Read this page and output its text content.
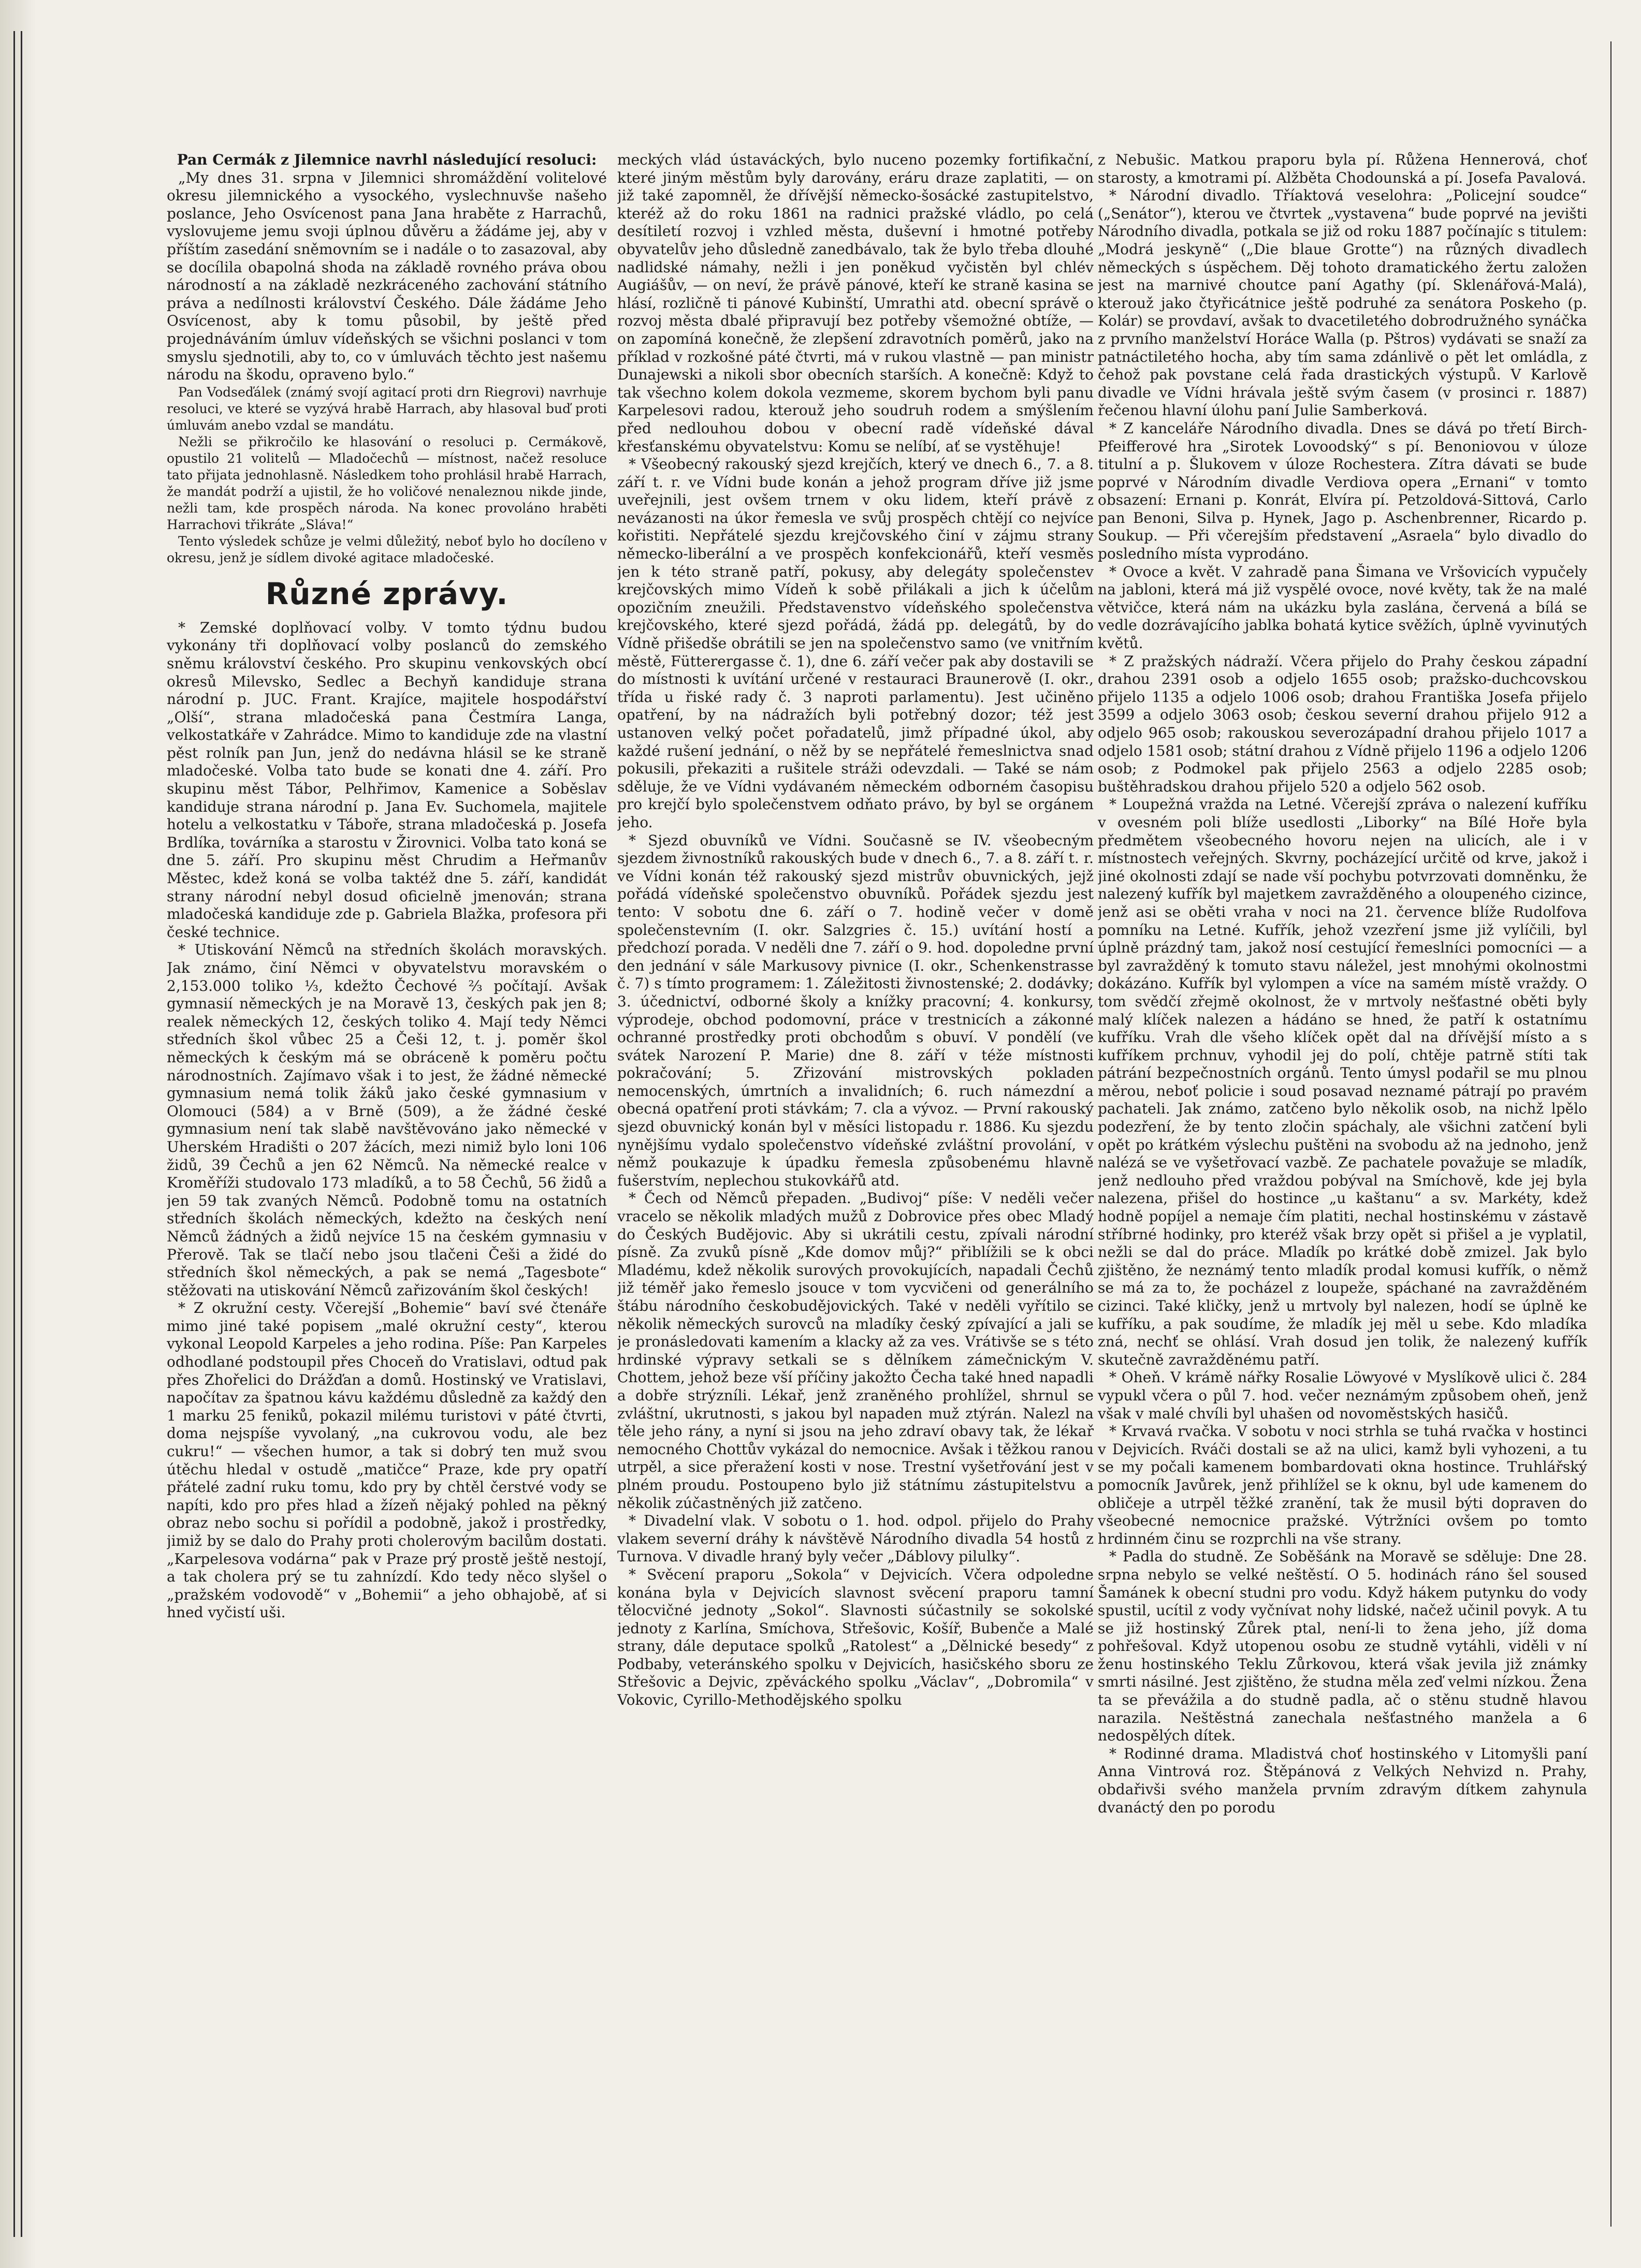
Pan Cermák z Jilemnice navrhl následující resoluci:

„My dnes 31. srpna v Jilemnici shromáždění volitelové okresu jilemnického a vysockého, vyslechnuvše našeho poslance, Jeho Osvícenost pana Jana hraběte z Harrachů, vyslovujeme jemu svoji úplnou důvěru a žádáme jej, aby v příštím zasedání sněmovním se i nadále o to zasazoval, aby se docílila obapolná shoda na základě rovného práva obou národností a na základě nezkráceného zachování státního práva a nedílnosti království Českého. Dále žádáme Jeho Osvícenost, aby k tomu působil, by ještě před projednáváním úmluv vídeňských se všichni poslanci v tom smyslu sjednotili, aby to, co v úmluvách těchto jest našemu národu na škodu, opraveno bylo.“

Pan Vodseďálek (známý svojí agitací proti drn Riegrovi) navrhuje resoluci, ve které se vyzývá hrabě Harrach, aby hlasoval buď proti úmluvám anebo vzdal se mandátu.

Nežli se přikročilo ke hlasování o resoluci p. Cermákově, opustilo 21 volitelů — Mladočechů — místnost, načež resoluce tato přijata jednohlasně. Následkem toho prohlásil hrabě Harrach, že mandát podrží a ujistil, že ho voličové nenaleznou nikde jinde, nežli tam, kde prospěch národa. Na konec provoláno hraběti Harrachovi třikráte „Sláva!“

Tento výsledek schůze je velmi důležitý, neboť bylo ho docíleno v okresu, jenž je sídlem divoké agitace mladočeské.

Různé zprávy.

* Zemské doplňovací volby. V tomto týdnu budou vykonány tři doplňovací volby poslanců do zemského sněmu království českého. Pro skupinu venkovských obcí okresů Milevsko, Sedlec a Bechyň kandiduje strana národní p. JUC. Frant. Krajíce, majitele hospodářství „Olší“, strana mladočeská pana Čestmíra Langa, velkostatkáře v Zahrádce. Mimo to kandiduje zde na vlastní pěst rolník pan Jun, jenž do nedávna hlásil se ke straně mladočeské. Volba tato bude se konati dne 4. září. Pro skupinu měst Tábor, Pelhřimov, Kamenice a Soběslav kandiduje strana národní p. Jana Ev. Suchomela, majitele hotelu a velkostatku v Táboře, strana mladočeská p. Josefa Brdlíka, továrníka a starostu v Žirovnici. Volba tato koná se dne 5. září. Pro skupinu měst Chrudim a Heřmanův Městec, kdež koná se volba taktéž dne 5. září, kandidát strany národní nebyl dosud oficielně jmenován; strana mladočeská kandiduje zde p. Gabriela Blažka, profesora při české technice.

* Utiskování Němců na středních školách moravských. Jak známo, činí Němci v obyvatelstvu moravském o 2,153.000 toliko ⅓, kdežto Čechové ⅔ počítají. Avšak gymnasií německých je na Moravě 13, českých pak jen 8; realek německých 12, českých toliko 4. Mají tedy Němci středních škol vůbec 25 a Češi 12, t. j. poměr škol německých k českým má se obráceně k poměru počtu národnostních. Zajímavo však i to jest, že žádné německé gymnasium nemá tolik žáků jako české gymnasium v Olomouci (584) a v Brně (509), a že žádné české gymnasium není tak slabě navštěvováno jako německé v Uherském Hradišti o 207 žácích, mezi nimiž bylo loni 106 židů, 39 Čechů a jen 62 Němců. Na německé realce v Kroměříži studovalo 173 mladíků, a to 58 Čechů, 56 židů a jen 59 tak zvaných Němců. Podobně tomu na ostatních středních školách německých, kdežto na českých není Němců žádných a židů nejvíce 15 na českém gymnasiu v Přerově. Tak se tlačí nebo jsou tlačeni Češi a židé do středních škol německých, a pak se nemá „Tagesbote“ stěžovati na utiskování Němců zařizováním škol českých!

* Z okružní cesty. Včerejší „Bohemie“ baví své čtenáře mimo jiné také popisem „malé okružní cesty“, kterou vykonal Leopold Karpeles a jeho rodina. Píše: Pan Karpeles odhodlané podstoupil přes Choceň do Vratislavi, odtud pak přes Zhořelici do Drážďan a domů. Hostinský ve Vratislavi, napočítav za špatnou kávu každému důsledně za každý den 1 marku 25 feniků, pokazil milému turistovi v páté čtvrti, doma nejspíše vyvolaný, „na cukrovou vodu, ale bez cukru!“ — všechen humor, a tak si dobrý ten muž svou útěchu hledal v ostudě „matičce“ Praze, kde pry opatří přátelé zadní ruku tomu, kdo pry by chtěl čerstvé vody se napíti, kdo pro přes hlad a žízeň nějaký pohled na pěkný obraz nebo sochu si pořídil a podobně, jakož i prostředky, jimiž by se dalo do Prahy proti cholerovým bacilům dostati. „Karpelesova vodárna“ pak v Praze prý prostě ještě nestojí, a tak cholera prý se tu zahnízdí. Kdo tedy něco slyšel o „pražském vodovodě“ v „Bohemii“ a jeho obhajobě, ať si hned vyčistí uši.

meckých vlád ústaváckých, bylo nuceno pozemky fortifikační, které jiným městům byly darovány, eráru draze zaplatiti, — on již také zapomněl, že dřívější německo-šosácké zastupitelstvo, kteréž až do roku 1861 na radnici pražské vládlo, po celá desítiletí rozvoj i vzhled města, duševní i hmotné potřeby obyvatelův jeho důsledně zanedbávalo, tak že bylo třeba dlouhé nadlidské námahy, nežli i jen poněkud vyčistěn byl chlév Augiášův, — on neví, že právě pánové, kteří ke straně kasina se hlásí, rozličně ti pánové Kubinští, Umrathi atd. obecní správě o rozvoj města dbalé připravují bez potřeby všemožné obtíže, — on zapomíná konečně, že zlepšení zdravotních poměrů, jako na příklad v rozkošné páté čtvrti, má v rukou vlastně — pan ministr Dunajewski a nikoli sbor obecních starších. A konečně: Když to tak všechno kolem dokola vezmeme, skorem bychom byli panu Karpelesovi radou, kterouž jeho soudruh rodem a smýšlením před nedlouhou dobou v obecní radě vídeňské dával křesťanskému obyvatelstvu: Komu se nelíbí, ať se vystěhuje!

* Všeobecný rakouský sjezd krejčích, který ve dnech 6., 7. a 8. září t. r. ve Vídni bude konán a jehož program dříve již jsme uveřejnili, jest ovšem trnem v oku lidem, kteří právě z nevázanosti na úkor řemesla ve svůj prospěch chtějí co nejvíce kořistiti. Nepřátelé sjezdu krejčovského činí v zájmu strany německo-liberální a ve prospěch konfekcionářů, kteří vesměs jen k této straně patří, pokusy, aby delegáty společenstev krejčovských mimo Vídeň k sobě přilákali a jich k účelům opozičním zneužili. Představenstvo vídeňského společenstva krejčovského, které sjezd pořádá, žádá pp. delegátů, by do Vídně přišedše obrátili se jen na společenstvo samo (ve vnitřním městě, Fütterergasse č. 1), dne 6. září večer pak aby dostavili se do místnosti k uvítání určené v restauraci Braunerově (I. okr., třída u řiské rady č. 3 naproti parlamentu). Jest učiněno opatření, by na nádražích byli potřebný dozor; též jest ustanoven velký počet pořadatelů, jimž případné úkol, aby každé rušení jednání, o něž by se nepřátelé řemeslnictva snad pokusili, překaziti a rušitele stráži odevzdali. — Také se nám sděluje, že ve Vídni vydávaném německém odborném časopisu pro krejčí bylo společenstvem odňato právo, by byl se orgánem jeho.

* Sjezd obuvníků ve Vídni. Současně se IV. všeobecným sjezdem živnostníků rakouských bude v dnech 6., 7. a 8. září t. r. ve Vídni konán též rakouský sjezd mistrův obuvnických, jejž pořádá vídeňské společenstvo obuvníků. Pořádek sjezdu jest tento: V sobotu dne 6. září o 7. hodině večer v domě společenstevním (I. okr. Salzgries č. 15.) uvítání hostí a předchozí porada. V neděli dne 7. září o 9. hod. dopoledne první den jednání v sále Markusovy pivnice (I. okr., Schenkenstrasse č. 7) s tímto programem: 1. Záležitosti živnostenské; 2. dodávky; 3. účednictví, odborné školy a knížky pracovní; 4. konkursy, výprodeje, obchod podomovní, práce v trestnicích a zákonné ochranné prostředky proti obchodům s obuví. V pondělí (ve svátek Narození P. Marie) dne 8. září v téže místnosti pokračování; 5. Zřizování mistrovských pokladen nemocenských, úmrtních a invalidních; 6. ruch námezdní a obecná opatření proti stávkám; 7. cla a vývoz. — První rakouský sjezd obuvnický konán byl v měsíci listopadu r. 1886. Ku sjezdu nynějšímu vydalo společenstvo vídeňské zvláštní provolání, v němž poukazuje k úpadku řemesla způsobenému hlavně fušerstvím, neplechou stukovkářů atd.

* Čech od Němců přepaden. „Budivoj“ píše: V neděli večer vracelo se několik mladých mužů z Dobrovice přes obec Mladý do Českých Budějovic. Aby si ukrátili cestu, zpívali národní písně. Za zvuků písně „Kde domov můj?“ přiblížili se k obci Mladému, kdež několik surových provokujících, napadali Čechů již téměř jako řemeslo jsouce v tom vycvičeni od generálního štábu národního českobudějovických. Také v neděli vyřítilo se několik německých surovců na mladíky český zpívající a jali se je pronásledovati kamením a klacky až za ves. Vrátivše se s této hrdinské výpravy setkali se s dělníkem zámečnickým V. Chottem, jehož beze vší příčiny jakožto Čecha také hned napadli a dobře strýzníli. Lékař, jenž zraněného prohlížel, shrnul se zvláštní, ukrutnosti, s jakou byl napaden muž ztýrán. Nalezl na těle jeho rány, a nyní si jsou na jeho zdraví obavy tak, že lékař nemocného Chottův vykázal do nemocnice. Avšak i těžkou ranou utrpěl, a sice přeražení kosti v nose. Trestní vyšetřování jest v plném proudu. Postoupeno bylo již státnímu zástupitelstvu a několik zúčastněných již zatčeno.

* Divadelní vlak. V sobotu o 1. hod. odpol. přijelo do Prahy vlakem severní dráhy k návštěvě Národního divadla 54 hostů z Turnova. V divadle hraný byly večer „Dáblovy pilulky“.

* Svěcení praporu „Sokola“ v Dejvicích. Včera odpoledne konána byla v Dejvicích slavnost svěcení praporu tamní tělocvičné jednoty „Sokol“. Slavnosti súčastnily se sokolské jednoty z Karlína, Smíchova, Střešovic, Košíř, Bubenče a Malé strany, dále deputace spolků „Ratolest“ a „Dělnické besedy“ z Podbaby, veteránského spolku v Dejvicích, hasičského sboru ze Střešovic a Dejvic, zpěváckého spolku „Václav“, „Dobromila“ v Vokovic, Cyrillo-Methodějského spolku

z Nebušic. Matkou praporu byla pí. Růžena Hennerová, choť starosty, a kmotrami pí. Alžběta Chodounská a pí. Josefa Pavalová.

* Národní divadlo. Tříaktová veselohra: „Policejní soudce“ („Senátor“), kterou ve čtvrtek „vystavena“ bude poprvé na jevišti Národního divadla, potkala se již od roku 1887 počínajíc s titulem: „Modrá jeskyně“ („Die blaue Grotte“) na různých divadlech německých s úspěchem. Děj tohoto dramatického žertu založen jest na marnivé choutce paní Agathy (pí. Sklenářová-Malá), kterouž jako čtyřicátnice ještě podruhé za senátora Poskeho (p. Kolár) se provdaví, avšak to dvacetiletého dobrodružného synáčka z prvního manželství Horáce Walla (p. Pštros) vydávati se snaží za patnáctiletého hocha, aby tím sama zdánlivě o pět let omládla, z čehož pak povstane celá řada drastických výstupů. V Karlově divadle ve Vídni hrávala ještě svým časem (v prosinci r. 1887) řečenou hlavní úlohu paní Julie Samberková.

* Z kanceláře Národního divadla. Dnes se dává po třetí Birch-Pfeifferové hra „Sirotek Lovoodský“ s pí. Benoniovou v úloze titulní a p. Šlukovem v úloze Rochestera. Zítra dávati se bude poprvé v Národním divadle Verdiova opera „Ernani“ v tomto obsazení: Ernani p. Konrát, Elvíra pí. Petzoldová-Sittová, Carlo pan Benoni, Silva p. Hynek, Jago p. Aschenbrenner, Ricardo p. Soukup. — Při včerejším představení „Asraela“ bylo divadlo do posledního místa vyprodáno.

* Ovoce a květ. V zahradě pana Šimana ve Vršovicích vypučely na jabloni, která má již vyspělé ovoce, nové květy, tak že na malé větvičce, která nám na ukázku byla zaslána, červená a bílá se vedle dozrávajícího jablka bohatá kytice svěžích, úplně vyvinutých květů.

* Z pražských nádraží. Včera přijelo do Prahy českou západní drahou 2391 osob a odjelo 1655 osob; pražsko-duchcovskou přijelo 1135 a odjelo 1006 osob; drahou Františka Josefa přijelo 3599 a odjelo 3063 osob; českou severní drahou přijelo 912 a odjelo 965 osob; rakouskou severozápadní drahou přijelo 1017 a odjelo 1581 osob; státní drahou z Vídně přijelo 1196 a odjelo 1206 osob; z Podmokel pak přijelo 2563 a odjelo 2285 osob; buštěhradskou drahou přijelo 520 a odjelo 562 osob.

* Loupežná vražda na Letné. Včerejší zpráva o nalezení kufříku v ovesném poli blíže usedlosti „Liborky“ na Bílé Hoře byla předmětem všeobecného hovoru nejen na ulicích, ale i v místnostech veřejných. Skvrny, pocházející určitě od krve, jakož i jiné okolnosti zdají se nade vší pochybu potvrzovati domněnku, že nalezený kufřík byl majetkem zavražděného a oloupeného cizince, jenž asi se oběti vraha v noci na 21. července blíže Rudolfova pomníku na Letné. Kufřík, jehož vzezření jsme již vylíčili, byl úplně prázdný tam, jakož nosí cestující řemeslníci pomocníci — a byl zavražděný k tomuto stavu náležel, jest mnohými okolnostmi dokázáno. Kufřík byl vylompen a více na samém místě vraždy. O tom svědčí zřejmě okolnost, že v mrtvoly nešťastné oběti byly malý klíček nalezen a hádáno se hned, že patří k ostatnímu kufříku. Vrah dle všeho klíček opět dal na dřívější místo a s kufříkem prchnuv, vyhodil jej do polí, chtěje patrně stíti tak pátrání bezpečnostních orgánů. Tento úmysl podařil se mu plnou měrou, neboť policie i soud posavad neznamé pátrají po pravém pachateli. Jak známo, zatčeno bylo několik osob, na nichž lpělo podezření, že by tento zločin spáchaly, ale všichni zatčení byli opět po krátkém výslechu puštěni na svobodu až na jednoho, jenž nalézá se ve vyšetřovací vazbě. Ze pachatele považuje se mladík, jenž nedlouho před vraždou pobýval na Smíchově, kde jej byla nalezena, přišel do hostince „u kaštanu“ a sv. Markéty, kdež hodně popíjel a nemaje čím platiti, nechal hostinskému v zástavě stříbrné hodinky, pro kteréž však brzy opět si přišel a je vyplatil, nežli se dal do práce. Mladík po krátké době zmizel. Jak bylo zjištěno, že neznámý tento mladík prodal komusi kufřík, o němž se má za to, že pocházel z loupeže, spáchané na zavražděném cizinci. Také kličky, jenž u mrtvoly byl nalezen, hodí se úplně ke kufříku, a pak soudíme, že mladík jej měl u sebe. Kdo mladíka zná, nechť se ohlásí. Vrah dosud jen tolik, že nalezený kufřík skutečně zavražděnému patří.

* Oheň. V krámě nářky Rosalie Löwyové v Myslíkově ulici č. 284 vypukl včera o půl 7. hod. večer neznámým způsobem oheň, jenž však v malé chvíli byl uhašen od novoměstských hasičů.

* Krvavá rvačka. V sobotu v noci strhla se tuhá rvačka v hostinci v Dejvicích. Rváči dostali se až na ulici, kamž byli vyhozeni, a tu se my počali kamenem bombardovati okna hostince. Truhlářský pomocník Javůrek, jenž přihlížel se k oknu, byl ude kamenem do obličeje a utrpěl těžké zranění, tak že musil býti dopraven do všeobecné nemocnice pražské. Výtržníci ovšem po tomto hrdinném činu se rozprchli na vše strany.

* Padla do studně. Ze Soběšánk na Moravě se sděluje: Dne 28. srpna nebylo se velké neštěstí. O 5. hodinách ráno šel soused Šamánek k obecní studni pro vodu. Když hákem putynku do vody spustil, ucítil z vody vyčnívat nohy lidské, načež učinil povyk. A tu se již hostinský Zůrek ptal, není-li to žena jeho, jíž doma pohřešoval. Když utopenou osobu ze studně vytáhli, viděli v ní ženu hostinského Teklu Zůrkovou, která však jevila již známky smrti násilné. Jest zjištěno, že studna měla zeď velmi nízkou. Žena ta se převážila a do studně padla, ač o stěnu studně hlavou narazila. Neštěstná zanechala nešťastného manžela a 6 nedospělých dítek.

* Rodinné drama. Mladistvá choť hostinského v Litomyšli paní Anna Vintrová roz. Štěpánová z Velkých Nehvizd n. Prahy, obdařivši svého manžela prvním zdravým dítkem zahynula dvanáctý den po porodu
